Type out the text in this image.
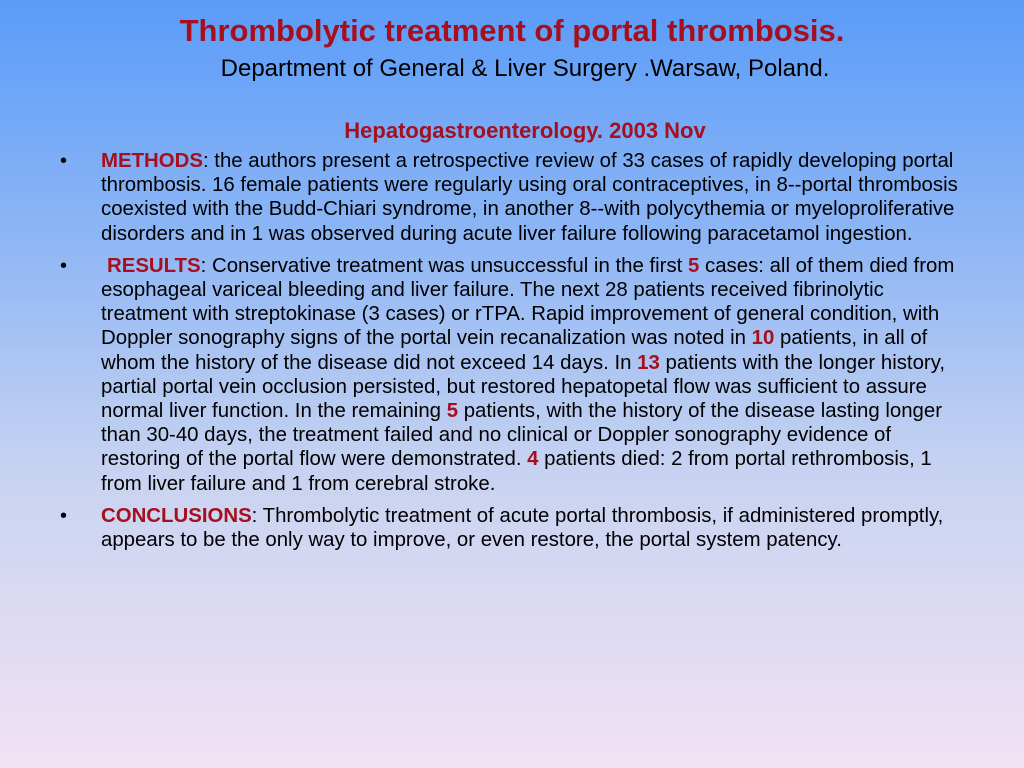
Thrombolytic treatment of portal thrombosis.
Department of General & Liver Surgery .Warsaw, Poland.
Hepatogastroenterology. 2003 Nov
•	METHODS: the authors present a retrospective review of 33 cases of rapidly developing portal thrombosis. 16 female patients were regularly using oral contraceptives, in 8--portal thrombosis coexisted with the Budd-Chiari syndrome, in another 8--with polycythemia or myeloproliferative disorders and in 1 was observed during acute liver failure following paracetamol ingestion.
•	RESULTS: Conservative treatment was unsuccessful in the first 5 cases: all of them died from esophageal variceal bleeding and liver failure. The next 28 patients received fibrinolytic treatment with streptokinase (3 cases) or rTPA. Rapid improvement of general condition, with Doppler sonography signs of the portal vein recanalization was noted in 10 patients, in all of whom the history of the disease did not exceed 14 days. In 13 patients with the longer history, partial portal vein occlusion persisted, but restored hepatopetal flow was sufficient to assure normal liver function. In the remaining 5 patients, with the history of the disease lasting longer than 30-40 days, the treatment failed and no clinical or Doppler sonography evidence of restoring of the portal flow were demonstrated. 4 patients died: 2 from portal rethrombosis, 1 from liver failure and 1 from cerebral stroke.
•	CONCLUSIONS: Thrombolytic treatment of acute portal thrombosis, if administered promptly, appears to be the only way to improve, or even restore, the portal system patency.
